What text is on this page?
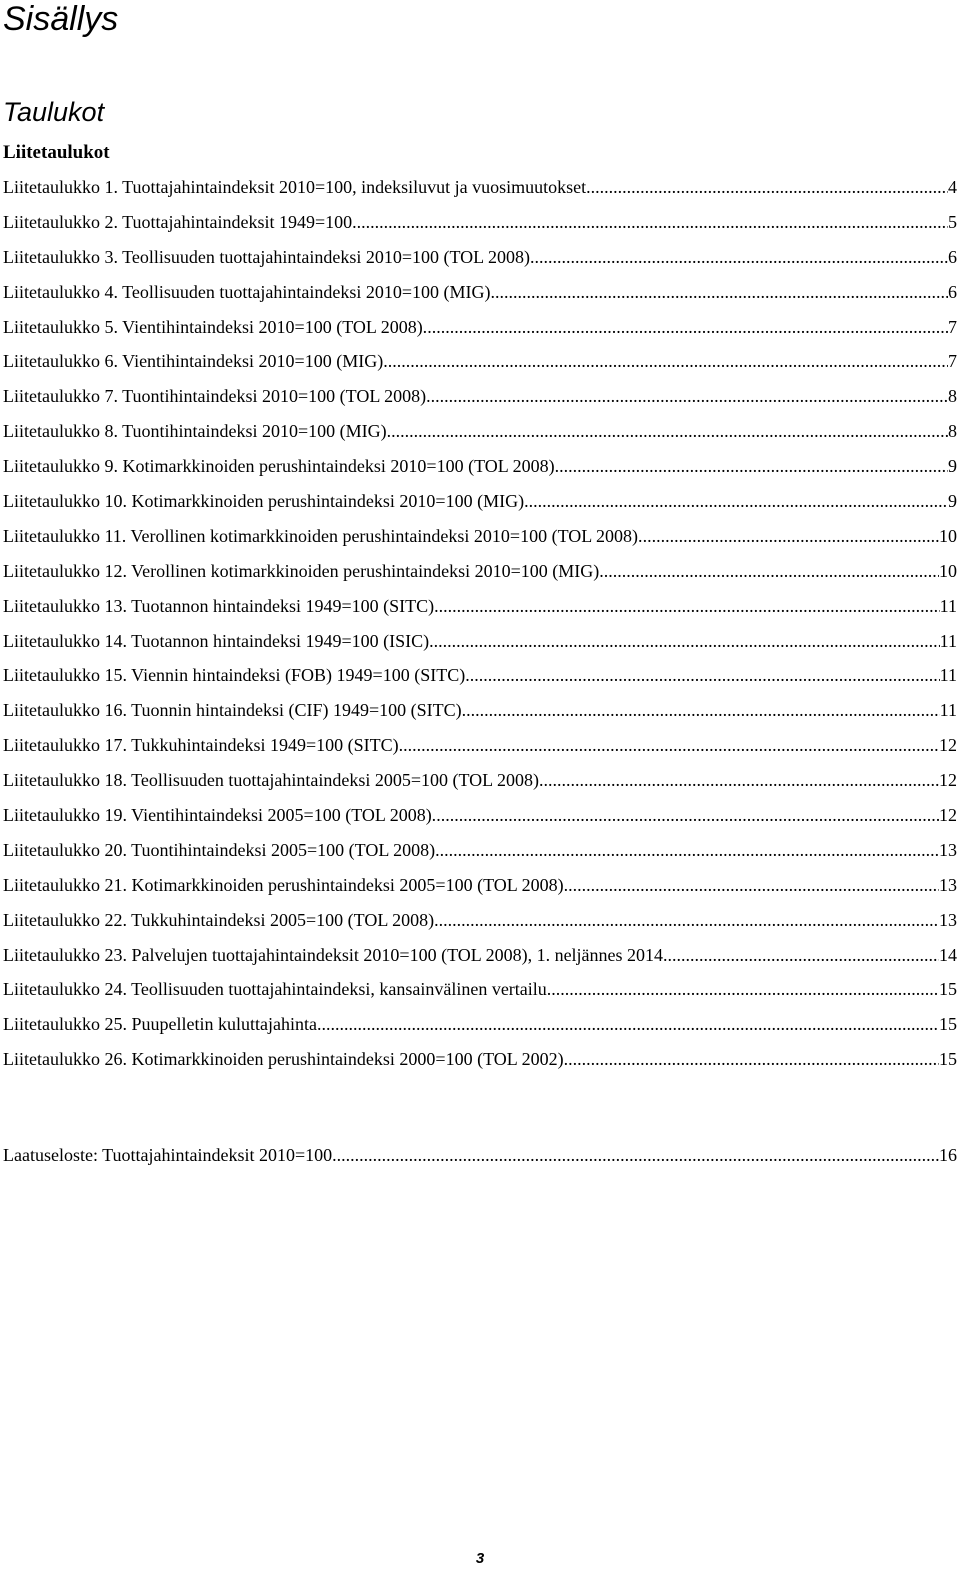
Sisällys
Taulukot
Liitetaulukot
Liitetaulukko 1. Tuottajahintaindeksit 2010=100, indeksiluvut ja vuosimuutokset. .....	4
Liitetaulukko 2. Tuottajahintaindeksit 1949=100. .....	5
Liitetaulukko 3. Teollisuuden tuottajahintaindeksi 2010=100 (TOL 2008). .....	6
Liitetaulukko 4. Teollisuuden tuottajahintaindeksi 2010=100 (MIG). .....	6
Liitetaulukko 5. Vientihintaindeksi 2010=100 (TOL 2008). .....	7
Liitetaulukko 6. Vientihintaindeksi 2010=100 (MIG). .....	7
Liitetaulukko 7. Tuontihintaindeksi 2010=100 (TOL 2008). .....	8
Liitetaulukko 8. Tuontihintaindeksi 2010=100 (MIG). .....	8
Liitetaulukko 9. Kotimarkkinoiden perushintaindeksi 2010=100 (TOL 2008). .....	9
Liitetaulukko 10. Kotimarkkinoiden perushintaindeksi 2010=100 (MIG). .....	9
Liitetaulukko 11. Verollinen kotimarkkinoiden perushintaindeksi 2010=100 (TOL 2008). .....	10
Liitetaulukko 12. Verollinen kotimarkkinoiden perushintaindeksi 2010=100 (MIG). .....	10
Liitetaulukko 13. Tuotannon hintaindeksi 1949=100 (SITC). .....	11
Liitetaulukko 14. Tuotannon hintaindeksi 1949=100 (ISIC). .....	11
Liitetaulukko 15. Viennin hintaindeksi (FOB) 1949=100 (SITC). .....	11
Liitetaulukko 16. Tuonnin hintaindeksi (CIF) 1949=100 (SITC). .....	11
Liitetaulukko 17. Tukkuhintaindeksi 1949=100 (SITC). .....	12
Liitetaulukko 18. Teollisuuden tuottajahintaindeksi 2005=100 (TOL 2008). .....	12
Liitetaulukko 19. Vientihintaindeksi 2005=100 (TOL 2008). .....	12
Liitetaulukko 20. Tuontihintaindeksi 2005=100 (TOL 2008). .....	13
Liitetaulukko 21. Kotimarkkinoiden perushintaindeksi 2005=100 (TOL 2008). .....	13
Liitetaulukko 22. Tukkuhintaindeksi 2005=100 (TOL 2008). .....	13
Liitetaulukko 23. Palvelujen tuottajahintaindeksit 2010=100 (TOL 2008), 1. neljännes 2014 .....	14
Liitetaulukko 24. Teollisuuden tuottajahintaindeksi, kansainvälinen vertailu. .....	15
Liitetaulukko 25. Puupelletin kuluttajahinta. .....	15
Liitetaulukko 26. Kotimarkkinoiden perushintaindeksi 2000=100 (TOL 2002). .....	15
Laatuseloste: Tuottajahintaindeksit 2010=100. .....	16
3
